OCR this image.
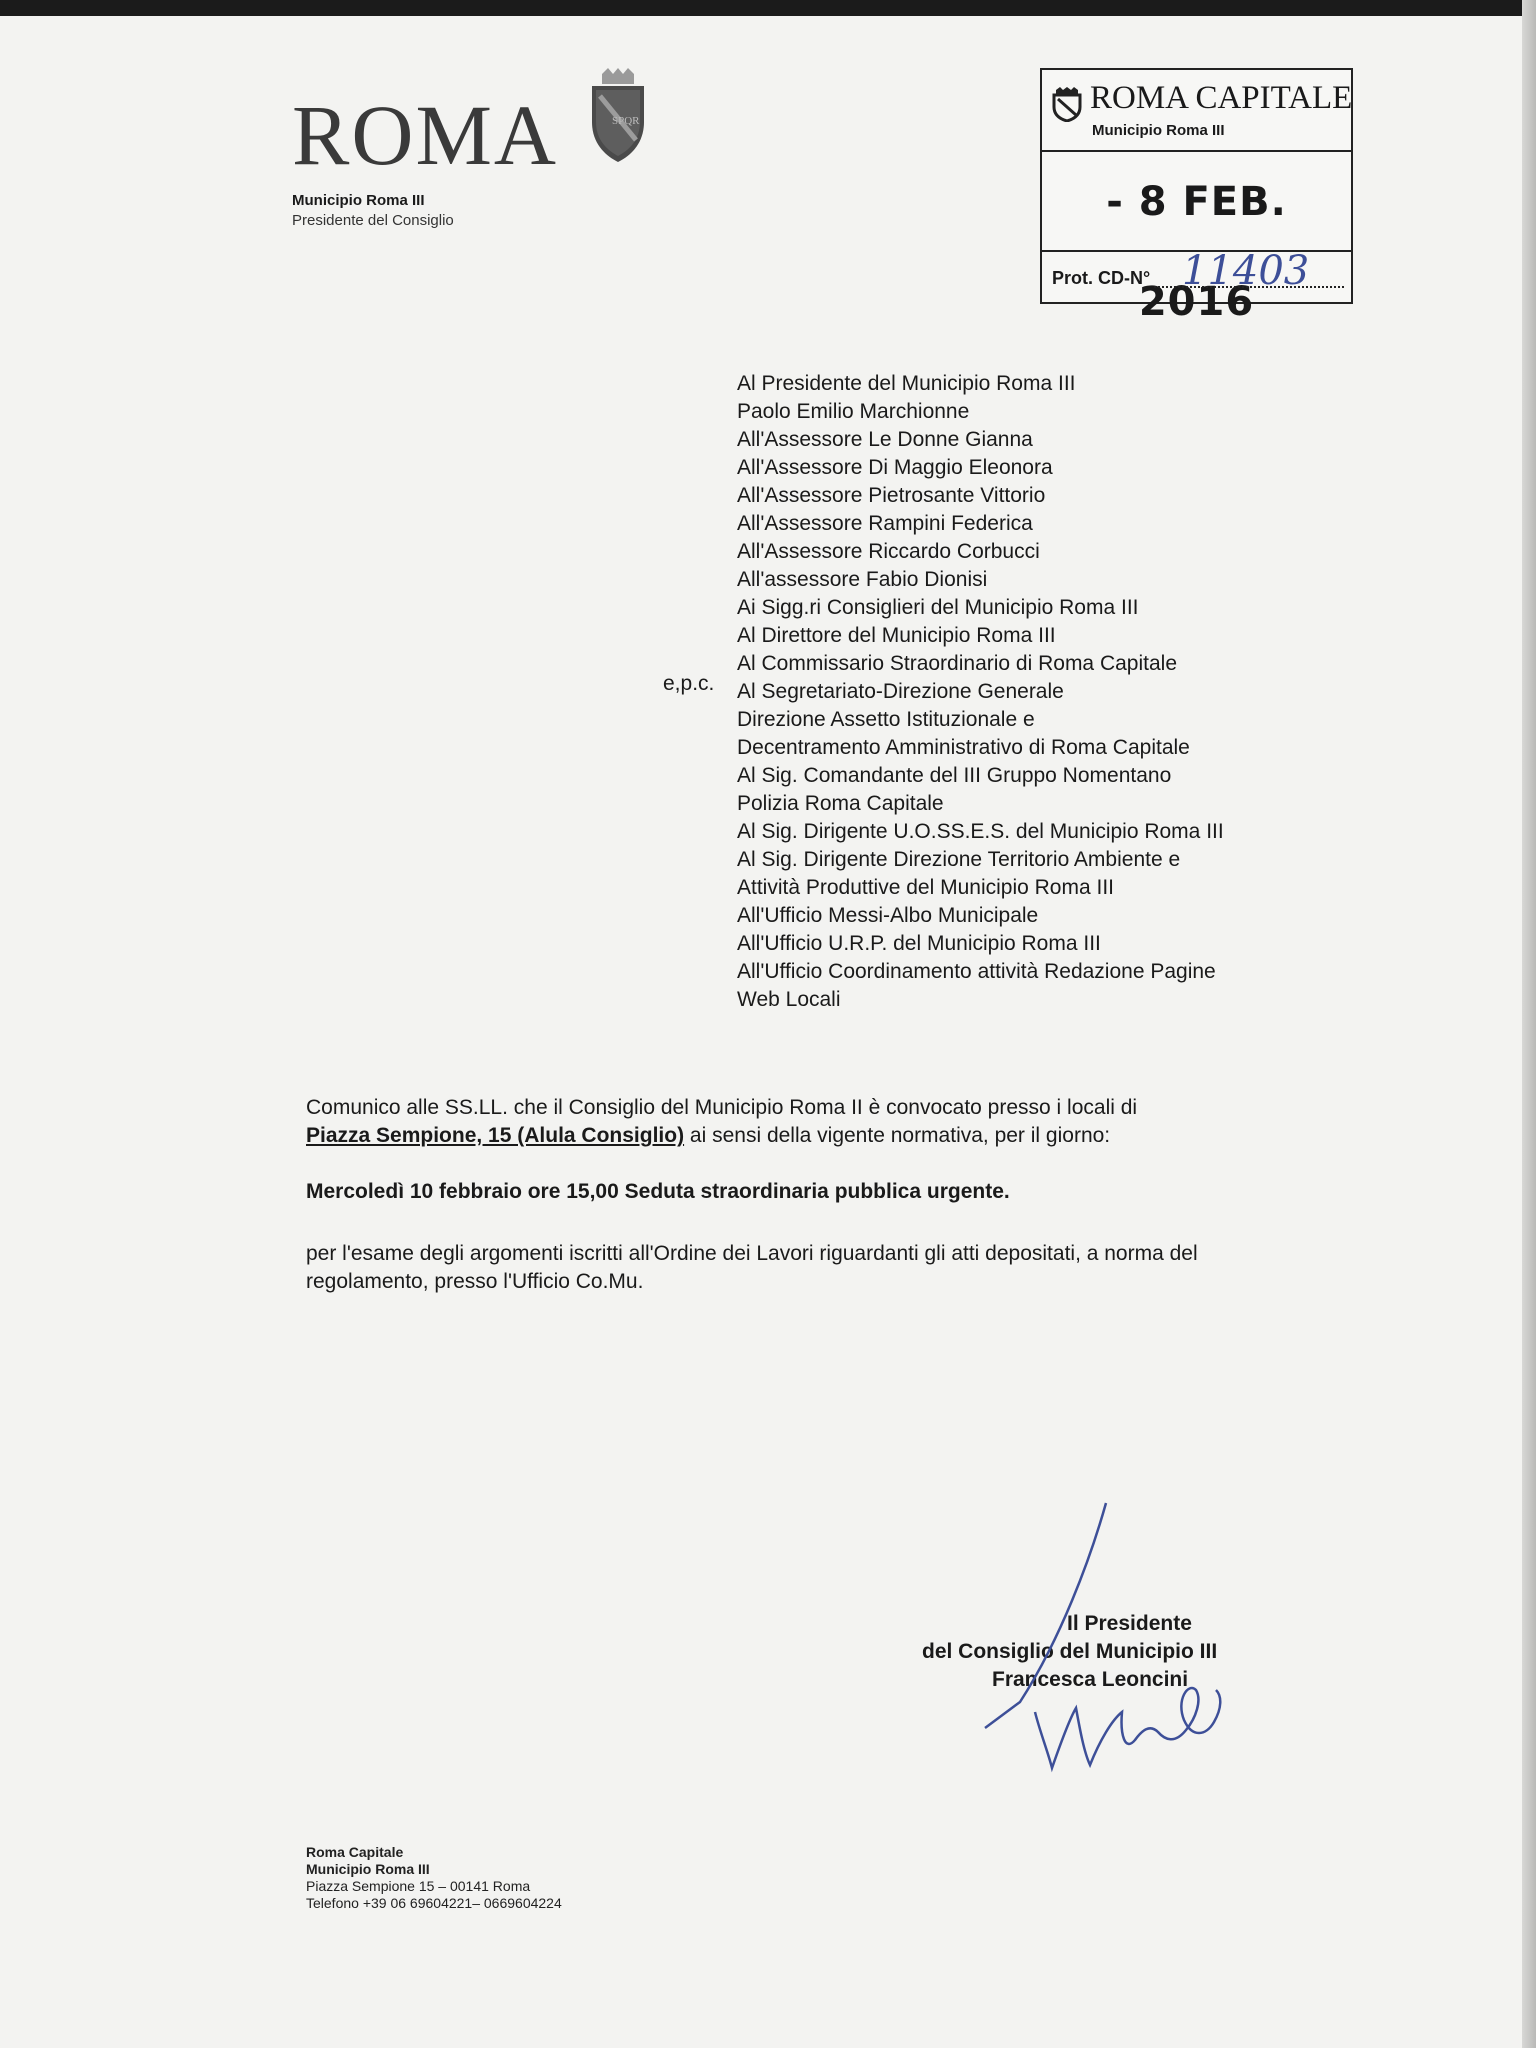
ROMA	SPQR
Municipio Roma III
Presidente del Consiglio
ROMA CAPITALE
Municipio Roma III
- 8 FEB. 2016
Prot. CD-N° 11403
e,p.c.
Al Presidente del Municipio Roma III
Paolo Emilio Marchionne
All'Assessore Le Donne Gianna
All'Assessore Di Maggio Eleonora
All'Assessore Pietrosante Vittorio
All'Assessore Rampini Federica
All'Assessore Riccardo Corbucci
All'assessore Fabio Dionisi
Ai Sigg.ri Consiglieri del Municipio Roma III
Al Direttore del Municipio Roma III
Al Commissario Straordinario di Roma Capitale
Al Segretariato-Direzione Generale
Direzione Assetto Istituzionale e
Decentramento Amministrativo di Roma Capitale
Al Sig. Comandante del III Gruppo Nomentano
Polizia Roma Capitale
Al Sig. Dirigente U.O.SS.E.S. del Municipio Roma III
Al Sig. Dirigente Direzione Territorio Ambiente e
Attività Produttive del Municipio Roma III
All'Ufficio Messi-Albo Municipale
All'Ufficio U.R.P. del Municipio Roma III
All'Ufficio Coordinamento attività Redazione Pagine
Web Locali
Comunico alle SS.LL. che il Consiglio del Municipio Roma II è convocato presso i locali di
Piazza Sempione, 15 (Alula Consiglio) ai sensi della vigente normativa, per il giorno:
Mercoledì 10 febbraio ore 15,00 Seduta straordinaria pubblica urgente.
per l'esame degli argomenti iscritti all'Ordine dei Lavori riguardanti gli atti depositati, a norma del regolamento, presso l'Ufficio Co.Mu.
Il Presidente
del Consiglio del Municipio III
Francesca Leoncini
Roma Capitale
Municipio Roma III
Piazza Sempione 15 – 00141 Roma
Telefono +39 06 69604221– 0669604224
